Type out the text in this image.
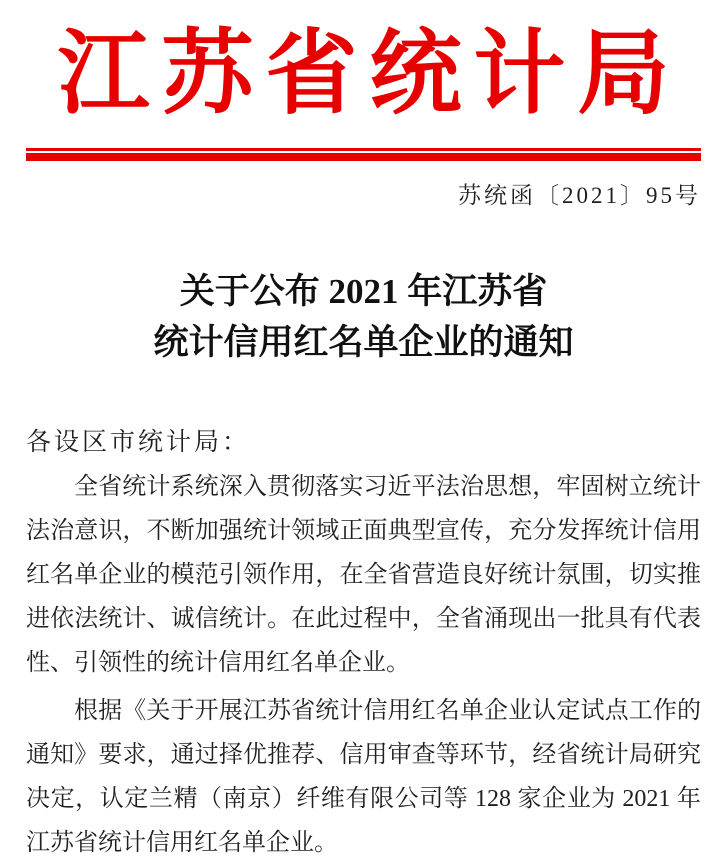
江苏省统计局
苏统函〔2021〕95号
关于公布 2021 年江苏省
统计信用红名单企业的通知

各设区市统计局：

全省统计系统深入贯彻落实习近平法治思想，牢固树立统计
法治意识，不断加强统计领域正面典型宣传，充分发挥统计信用
红名单企业的模范引领作用，在全省营造良好统计氛围，切实推
进依法统计、诚信统计。在此过程中，全省涌现出一批具有代表
性、引领性的统计信用红名单企业。
根据《关于开展江苏省统计信用红名单企业认定试点工作的
通知》要求，通过择优推荐、信用审查等环节，经省统计局研究
决定，认定兰精（南京）纤维有限公司等 128 家企业为 2021 年
江苏省统计信用红名单企业。
